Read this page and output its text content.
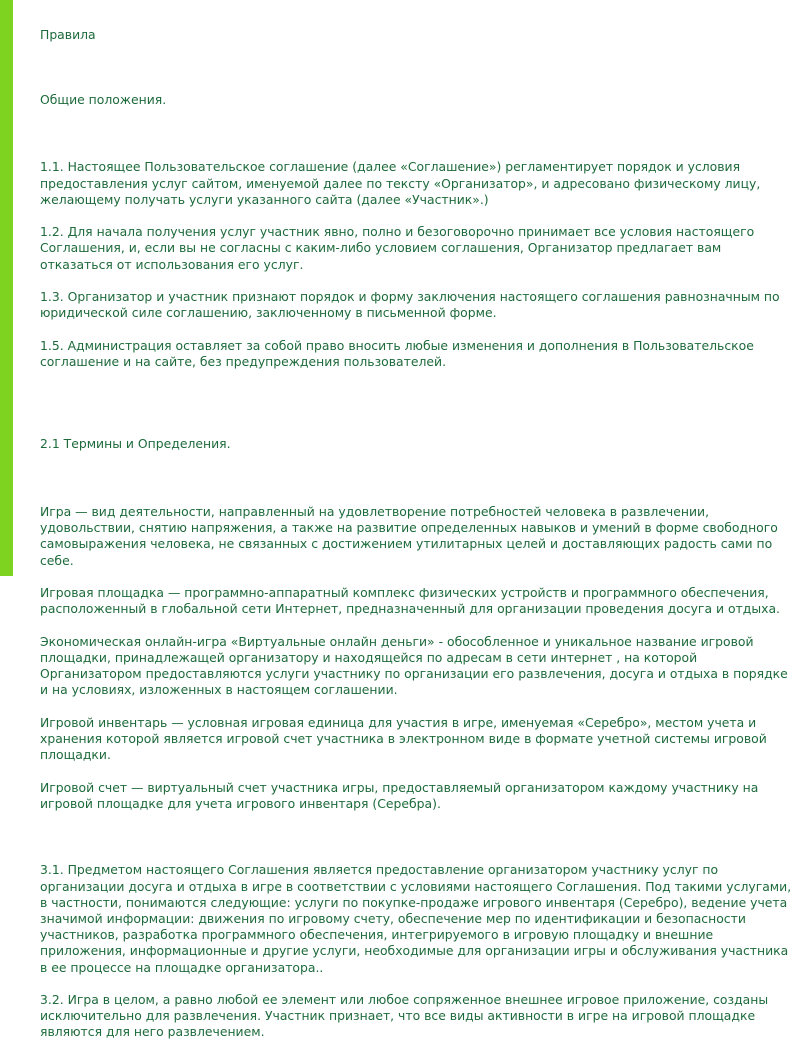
Правила

Общие положения.

1.1. Настоящее Пользовательское соглашение (далее «Соглашение») регламентирует порядок и условия предоставления услуг сайтом, именуемой далее по тексту «Организатор», и адресовано физическому лицу, желающему получать услуги указанного сайта (далее «Участник».)

1.2. Для начала получения услуг участник явно, полно и безоговорочно принимает все условия настоящего Соглашения, и, если вы не согласны с каким-либо условием соглашения, Организатор предлагает вам отказаться от использования его услуг.

1.3. Организатор и участник признают порядок и форму заключения настоящего соглашения равнозначным по юридической силе соглашению, заключенному в письменной форме.

1.5. Администрация оставляет за собой право вносить любые изменения и дополнения в Пользовательское соглашение и на сайте, без предупреждения пользователей.

2.1 Термины и Определения.

Игра — вид деятельности, направленный на удовлетворение потребностей человека в развлечении, удовольствии, снятию напряжения, а также на развитие определенных навыков и умений в форме свободного самовыражения человека, не связанных с достижением утилитарных целей и доставляющих радость сами по себе.

Игровая площадка — программно-аппаратный комплекс физических устройств и программного обеспечения, расположенный в глобальной сети Интернет, предназначенный для организации проведения досуга и отдыха.

Экономическая онлайн-игра «Виртуальные онлайн деньги» - обособленное и уникальное название игровой площадки, принадлежащей организатору и находящейся по адресам в сети интернет , на которой Организатором предоставляются услуги участнику по организации его развлечения, досуга и отдыха в порядке и на условиях, изложенных в настоящем соглашении.

Игровой инвентарь — условная игровая единица для участия в игре, именуемая «Серебро», местом учета и хранения которой является игровой счет участника в электронном виде в формате учетной системы игровой площадки.

Игровой счет — виртуальный счет участника игры, предоставляемый организатором каждому участнику на игровой площадке для учета игрового инвентаря (Серебра).

3.1. Предметом настоящего Соглашения является предоставление организатором участнику услуг по организации досуга и отдыха в игре в соответствии с условиями настоящего Соглашения. Под такими услугами, в частности, понимаются следующие: услуги по покупке-продаже игрового инвентаря (Серебро), ведение учета значимой информации: движения по игровому счету, обеспечение мер по идентификации и безопасности участников, разработка программного обеспечения, интегрируемого в игровую площадку и внешние приложения, информационные и другие услуги, необходимые для организации игры и обслуживания участника в ее процессе на площадке организатора..

3.2. Игра в целом, а равно любой ее элемент или любое сопряженное внешнее игровое приложение, созданы исключительно для развлечения. Участник признает, что все виды активности в игре на игровой площадке являются для него развлечением.
